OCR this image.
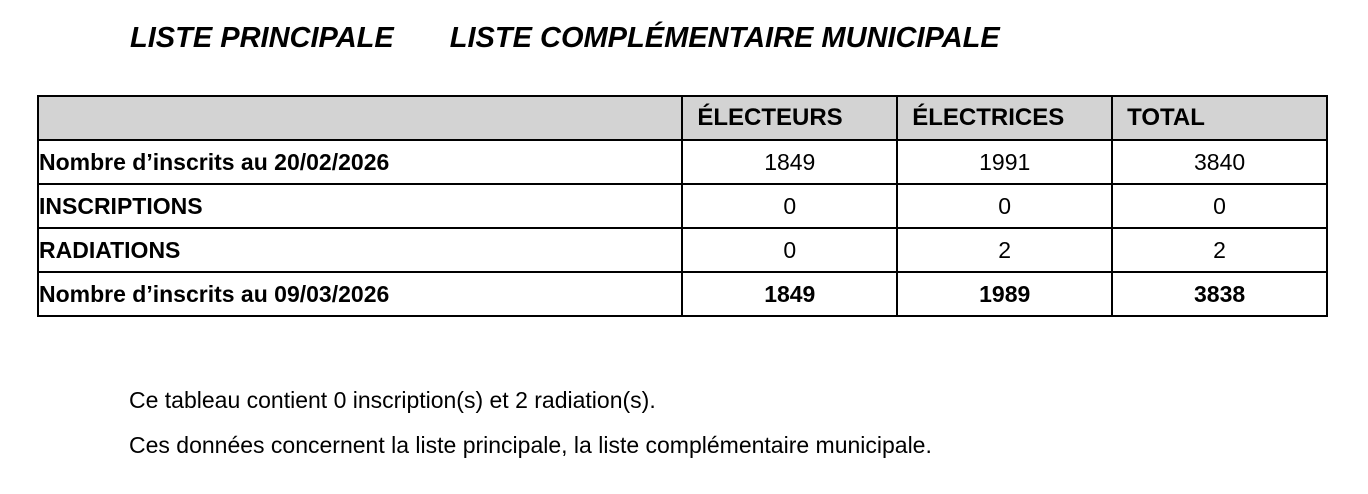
LISTE PRINCIPALE LISTE COMPLÉMENTAIRE MUNICIPALE
	ÉLECTEURS	ÉLECTRICES	TOTAL
Nombre d’inscrits au 20/02/2026	1849	1991	3840
INSCRIPTIONS	0	0	0
RADIATIONS	0	2	2
Nombre d’inscrits au 09/03/2026	1849	1989	3838

Ce tableau contient 0 inscription(s) et 2 radiation(s).

Ces données concernent la liste principale, la liste complémentaire municipale.
